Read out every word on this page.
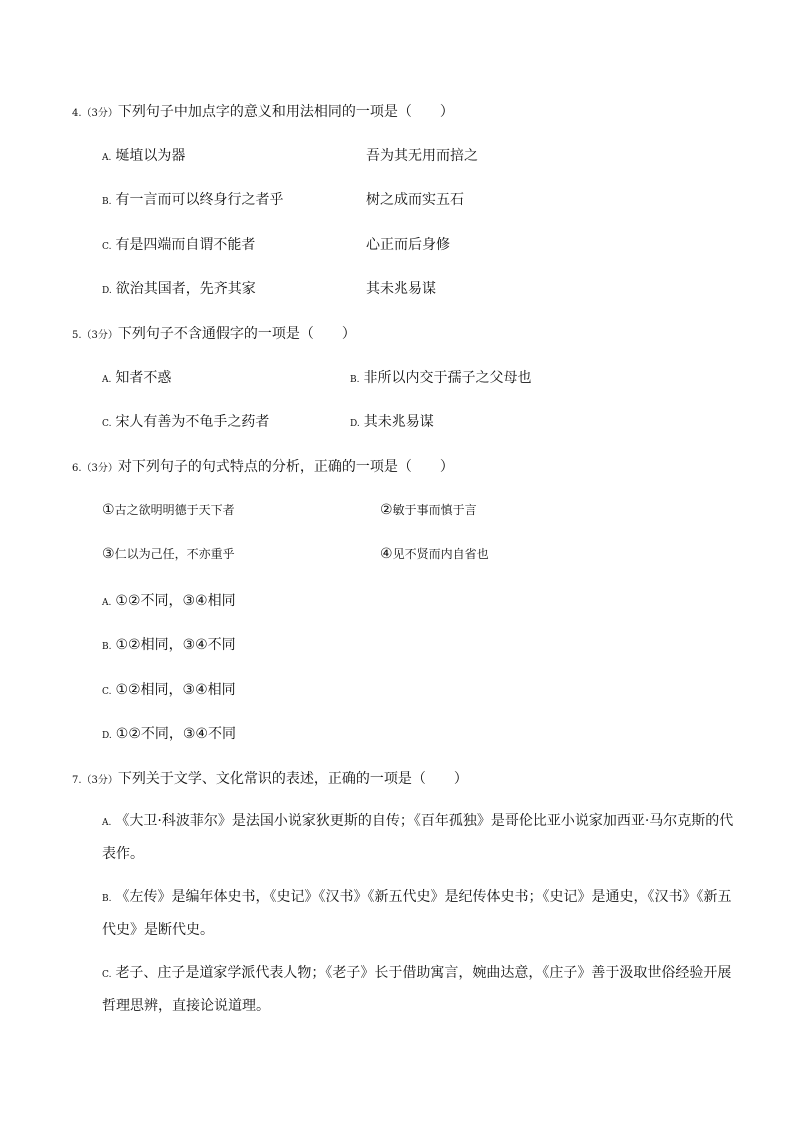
4.（3分）下列句子中加点字的意义和用法相同的一项是（　　）
A. 埏埴以为器	吾为其无用而掊之
B. 有一言而可以终身行之者乎	树之成而实五石
C. 有是四端而自谓不能者	心正而后身修
D. 欲治其国者，先齐其家	其未兆易谋
5.（3分）下列句子不含通假字的一项是（　　）
A. 知者不惑	B. 非所以内交于孺子之父母也
C. 宋人有善为不龟手之药者	D. 其未兆易谋
6.（3分）对下列句子的句式特点的分析，正确的一项是（　　）
①古之欲明明德于天下者	②敏于事而慎于言
③仁以为己任，不亦重乎	④见不贤而内自省也
A. ①②不同，③④相同
B. ①②相同，③④不同
C. ①②相同，③④相同
D. ①②不同，③④不同
7.（3分）下列关于文学、文化常识的表述，正确的一项是（　　）
A. 《大卫·科波菲尔》是法国小说家狄更斯的自传；《百年孤独》是哥伦比亚小说家加西亚·马尔克斯的代表作。
B. 《左传》是编年体史书，《史记》《汉书》《新五代史》是纪传体史书；《史记》是通史，《汉书》《新五代史》是断代史。
C. 老子、庄子是道家学派代表人物；《老子》长于借助寓言，婉曲达意，《庄子》善于汲取世俗经验开展哲理思辨，直接论说道理。
